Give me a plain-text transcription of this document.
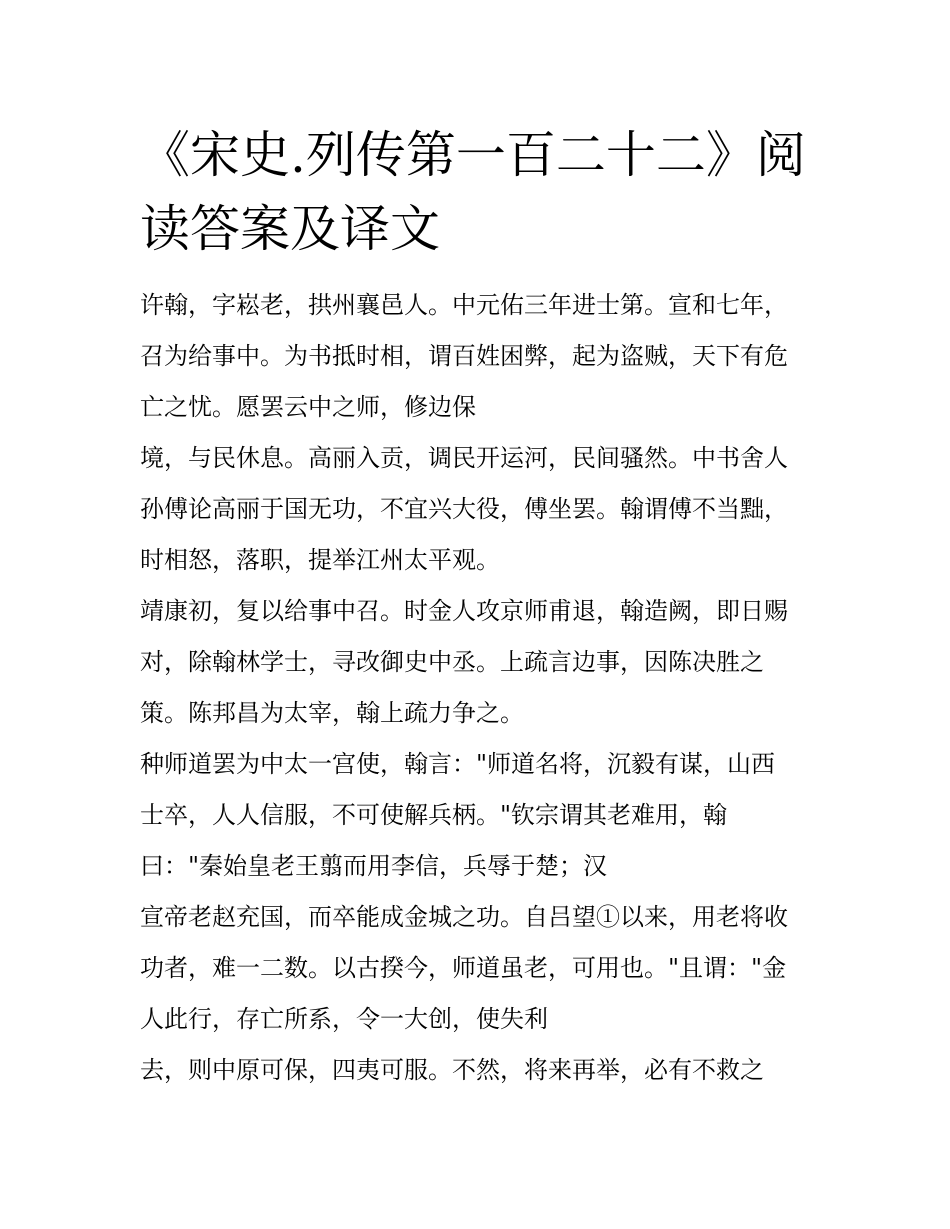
《宋史.列传第一百二十二》阅
读答案及译文

许翰，字崧老，拱州襄邑人。中元佑三年进士第。宣和七年，

召为给事中。为书抵时相，谓百姓困弊，起为盗贼，天下有危

亡之忧。愿罢云中之师，修边保

境，与民休息。高丽入贡，调民开运河，民间骚然。中书舍人

孙傅论高丽于国无功，不宜兴大役，傅坐罢。翰谓傅不当黜，

时相怒，落职，提举江州太平观。

靖康初，复以给事中召。时金人攻京师甫退，翰造阙，即日赐

对，除翰林学士，寻改御史中丞。上疏言边事，因陈决胜之

策。陈邦昌为太宰，翰上疏力争之。

种师道罢为中太一宫使，翰言："师道名将，沉毅有谋，山西

士卒，人人信服，不可使解兵柄。"钦宗谓其老难用，翰

曰："秦始皇老王翦而用李信，兵辱于楚；汉

宣帝老赵充国，而卒能成金城之功。自吕望①以来，用老将收

功者，难一二数。以古揆今，师道虽老，可用也。"且谓："金

人此行，存亡所系，令一大创，使失利

去，则中原可保，四夷可服。不然，将来再举，必有不救之
